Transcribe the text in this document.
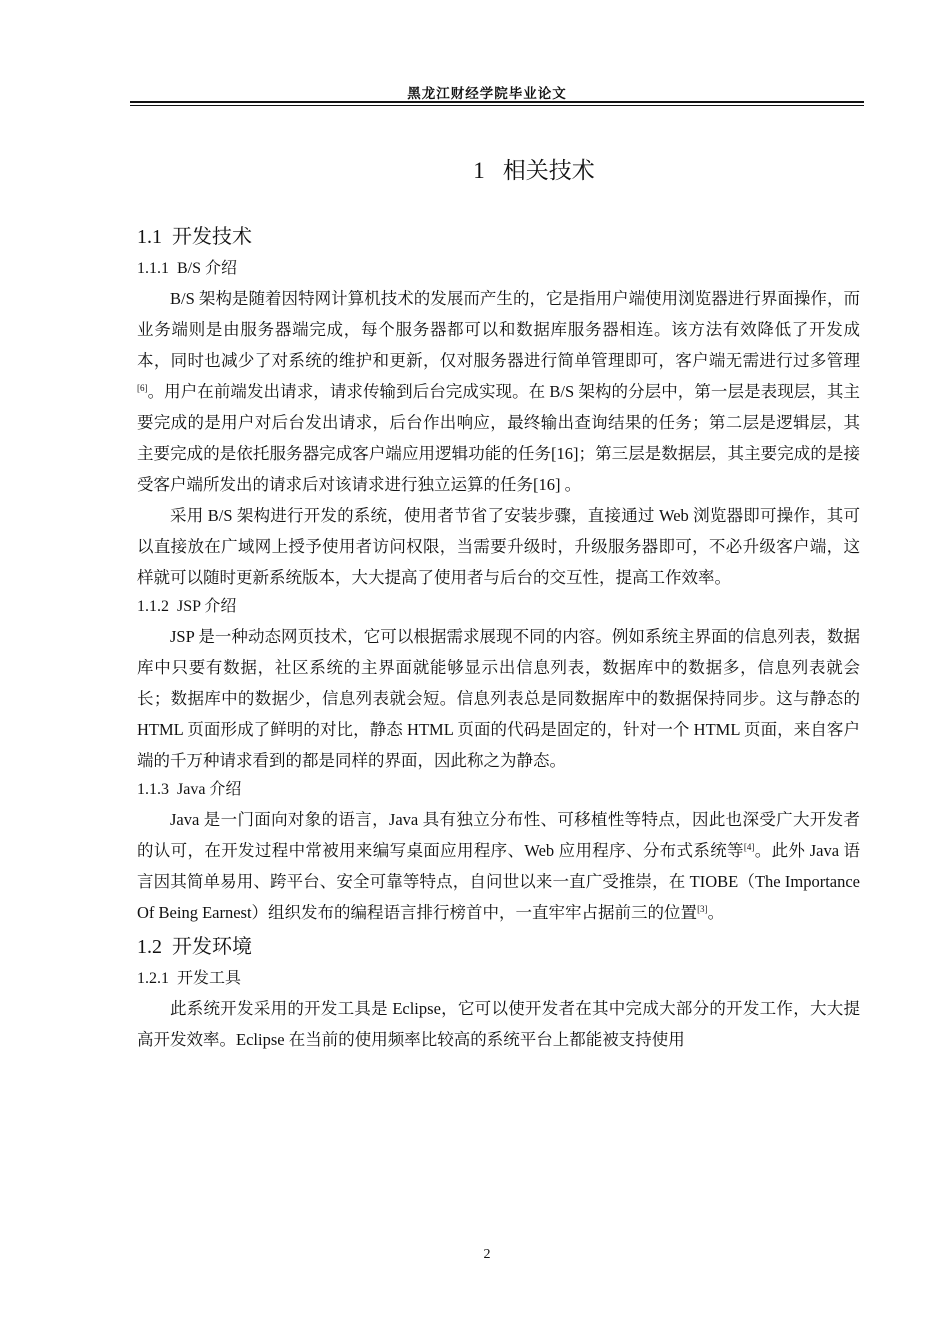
黑龙江财经学院毕业论文
1 相关技术
1.1 开发技术
1.1.1 B/S 介绍

B/S 架构是随着因特网计算机技术的发展而产生的，它是指用户端使用浏览器进行界面操作，而业务端则是由服务器端完成，每个服务器都可以和数据库服务器相连。该方法有效降低了开发成本，同时也减少了对系统的维护和更新，仅对服务器进行简单管理即可，客户端无需进行过多管理[6]。用户在前端发出请求，请求传输到后台完成实现。在 B/S 架构的分层中，第一层是表现层，其主要完成的是用户对后台发出请求，后台作出响应，最终输出查询结果的任务；第二层是逻辑层，其主要完成的是依托服务器完成客户端应用逻辑功能的任务[16]；第三层是数据层，其主要完成的是接受客户端所发出的请求后对该请求进行独立运算的任务[16] 。

采用 B/S 架构进行开发的系统，使用者节省了安装步骤，直接通过 Web 浏览器即可操作，其可以直接放在广域网上授予使用者访问权限，当需要升级时，升级服务器即可，不必升级客户端，这样就可以随时更新系统版本，大大提高了使用者与后台的交互性，提高工作效率。

1.1.2 JSP 介绍

JSP 是一种动态网页技术，它可以根据需求展现不同的内容。例如系统主界面的信息列表，数据库中只要有数据，社区系统的主界面就能够显示出信息列表，数据库中的数据多，信息列表就会长；数据库中的数据少，信息列表就会短。信息列表总是同数据库中的数据保持同步。这与静态的 HTML 页面形成了鲜明的对比，静态 HTML 页面的代码是固定的，针对一个 HTML 页面，来自客户端的千万种请求看到的都是同样的界面，因此称之为静态。

1.1.3 Java 介绍

Java 是一门面向对象的语言，Java 具有独立分布性、可移植性等特点，因此也深受广大开发者的认可，在开发过程中常被用来编写桌面应用程序、Web 应用程序、分布式系统等[4]。此外 Java 语言因其简单易用、跨平台、安全可靠等特点，自问世以来一直广受推崇，在 TIOBE（The Importance Of Being Earnest）组织发布的编程语言排行榜首中，一直牢牢占据前三的位置[3]。

1.2 开发环境
1.2.1 开发工具

此系统开发采用的开发工具是 Eclipse，它可以使开发者在其中完成大部分的开发工作，大大提高开发效率。Eclipse 在当前的使用频率比较高的系统平台上都能被支持使用

2
